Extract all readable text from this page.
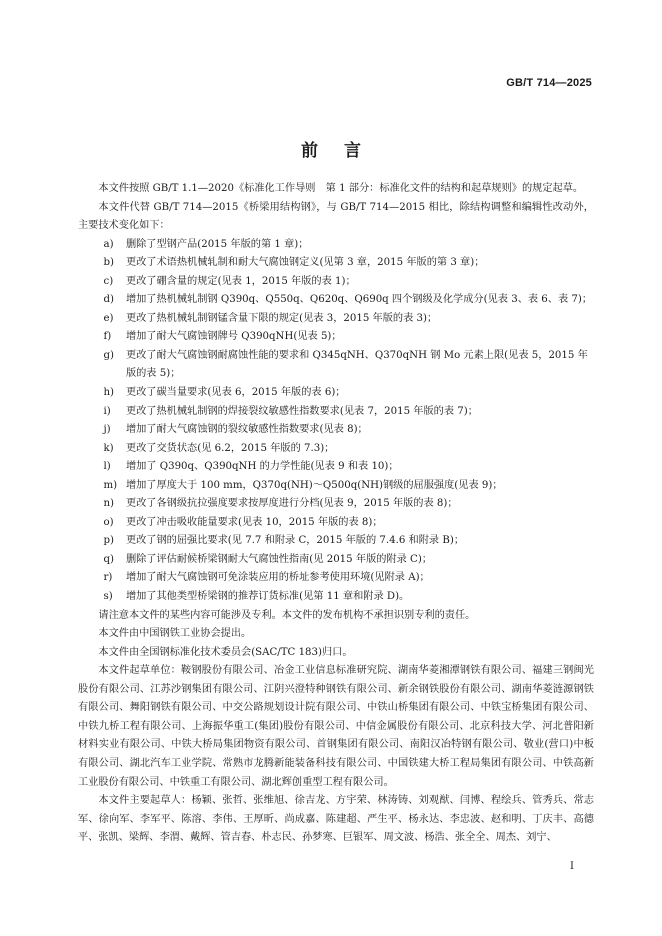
GB/T 714—2025
前言

本文件按照 GB/T 1.1—2020《标准化工作导则　第 1 部分：标准化文件的结构和起草规则》的规定起草。

本文件代替 GB/T 714—2015《桥梁用结构钢》，与 GB/T 714—2015 相比，除结构调整和编辑性改动外，主要技术变化如下：

a)	删除了型钢产品(2015 年版的第 1 章)；
b)	更改了术语热机械轧制和耐大气腐蚀钢定义(见第 3 章，2015 年版的第 3 章)；
c)	更改了硼含量的规定(见表 1，2015 年版的表 1)；
d)	增加了热机械轧制钢 Q390q、Q550q、Q620q、Q690q 四个钢级及化学成分(见表 3、表 6、表 7)；
e)	更改了热机械轧制钢锰含量下限的规定(见表 3，2015 年版的表 3)；
f)	增加了耐大气腐蚀钢牌号 Q390qNH(见表 5)；
g)	更改了耐大气腐蚀钢耐腐蚀性能的要求和 Q345qNH、Q370qNH 钢 Mo 元素上限(见表 5，2015 年版的表 5)；
h)	更改了碳当量要求(见表 6，2015 年版的表 6)；
i)	更改了热机械轧制钢的焊接裂纹敏感性指数要求(见表 7，2015 年版的表 7)；
j)	增加了耐大气腐蚀钢的裂纹敏感性指数要求(见表 8)；
k)	更改了交货状态(见 6.2，2015 年版的 7.3)；
l)	增加了 Q390q、Q390qNH 的力学性能(见表 9 和表 10)；
m) 增加了厚度大于 100 mm，Q370q(NH)～Q500q(NH)钢级的屈服强度(见表 9)；
n)	更改了各钢级抗拉强度要求按厚度进行分档(见表 9，2015 年版的表 8)；
o)	更改了冲击吸收能量要求(见表 10，2015 年版的表 8)；
p)	更改了钢的屈强比要求(见 7.7 和附录 C，2015 年版的 7.4.6 和附录 B)；
q)	删除了评估耐候桥梁钢耐大气腐蚀性指南(见 2015 年版的附录 C)；
r)	增加了耐大气腐蚀钢可免涂装应用的桥址参考使用环境(见附录 A)；
s)	增加了其他类型桥梁钢的推荐订货标准(见第 11 章和附录 D)。

请注意本文件的某些内容可能涉及专利。本文件的发布机构不承担识别专利的责任。

本文件由中国钢铁工业协会提出。

本文件由全国钢标准化技术委员会(SAC/TC 183)归口。

本文件起草单位：鞍钢股份有限公司、冶金工业信息标准研究院、湖南华菱湘潭钢铁有限公司、福建三钢闽光股份有限公司、江苏沙钢集团有限公司、江阴兴澄特种钢铁有限公司、新余钢铁股份有限公司、湖南华菱涟源钢铁有限公司、舞阳钢铁有限公司、中交公路规划设计院有限公司、中铁山桥集团有限公司、中铁宝桥集团有限公司、中铁九桥工程有限公司、上海振华重工(集团)股份有限公司、中信金属股份有限公司、北京科技大学、河北普阳新材料实业有限公司、中铁大桥局集团物资有限公司、首钢集团有限公司、南阳汉冶特钢有限公司、敬业(营口)中板有限公司、湖北汽车工业学院、常熟市龙腾新能装备科技有限公司、中国铁建大桥工程局集团有限公司、中铁高新工业股份有限公司、中铁重工有限公司、湖北辉创重型工程有限公司。

本文件主要起草人：杨颖、张哲、张维旭、徐吉龙、方宇荣、林涛铸、刘观猷、闫博、程绘兵、管秀兵、常志军、徐向军、李军平、陈溶、李伟、王厚昕、尚成嘉、陈建超、严生平、杨永达、李忠波、赵和明、丁庆丰、高德平、张凯、梁辉、李渭、戴辉、管吉春、朴志民、孙梦寒、巨银军、周文波、杨浩、张全全、周杰、刘宁、

I
